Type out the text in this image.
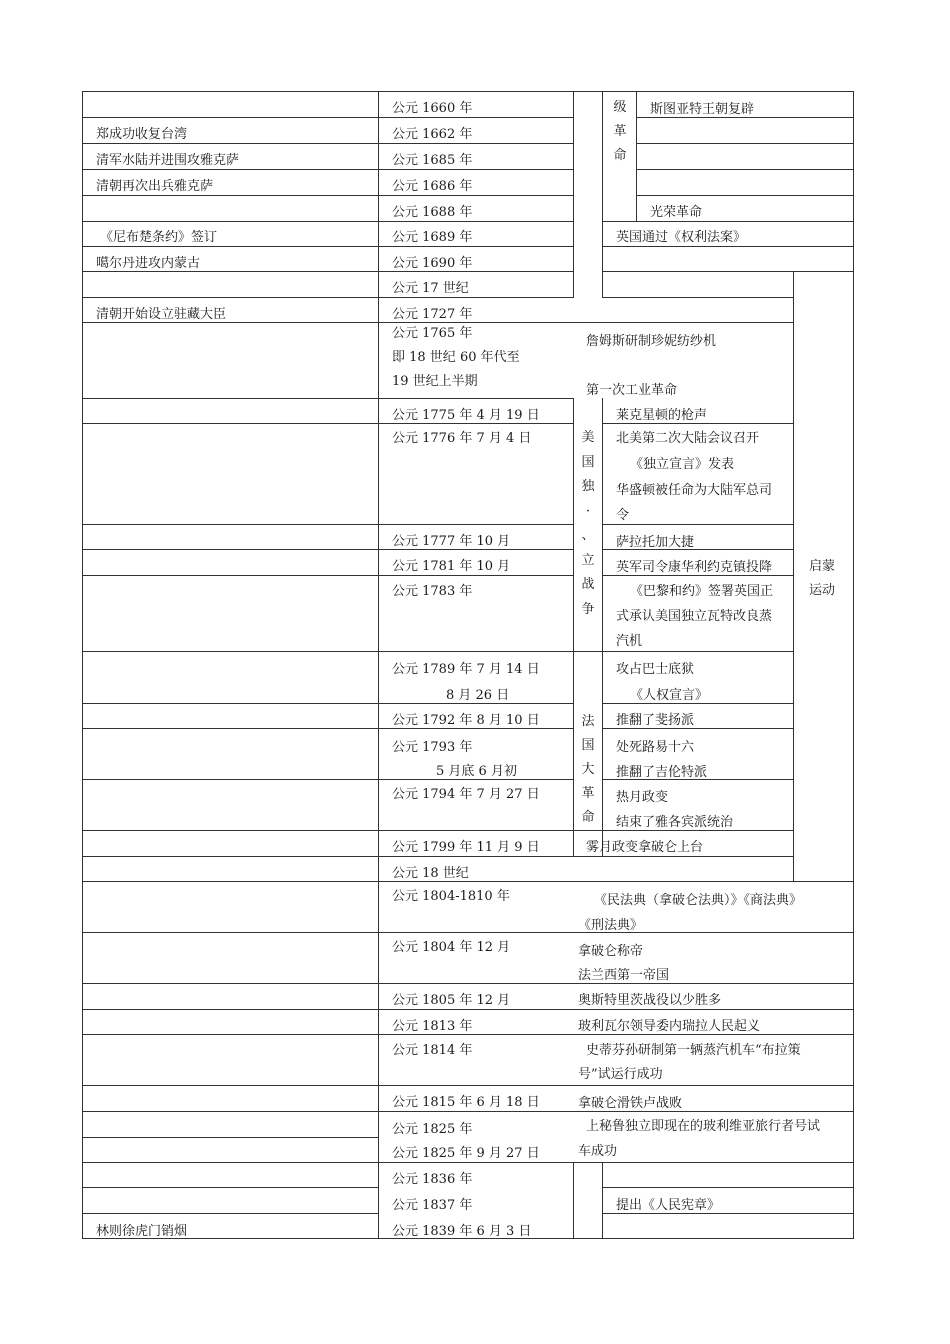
郑成功收复台湾
清军水陆并进围攻雅克萨
清朝再次出兵雅克萨
《尼布楚条约》签订
噶尔丹进攻内蒙古
清朝开始设立驻藏大臣
林则徐虎门销烟
公元 1660 年
公元 1662 年
公元 1685 年
公元 1686 年
公元 1688 年
公元 1689 年
公元 1690 年
公元 17 世纪
公元 1727 年
公元 1765 年
即 18 世纪 60 年代至
19 世纪上半期
公元 1775 年 4 月 19 日
公元 1776 年 7 月 4 日
公元 1777 年 10 月
公元 1781 年 10 月
公元 1783 年
公元 1789 年 7 月 14 日
8 月 26 日
公元 1792 年 8 月 10 日
公元 1793 年
5 月底 6 月初
公元 1794 年 7 月 27 日
公元 1799 年 11 月 9 日
公元 18 世纪
公元 1804-1810 年
公元 1804 年 12 月
公元 1805 年 12 月
公元 1813 年
公元 1814 年
公元 1815 年 6 月 18 日
公元 1825 年
公元 1825 年 9 月 27 日
公元 1836 年
公元 1837 年
公元 1839 年 6 月 3 日
级
革
命
美
国
独
·
、
立
战
争
法
国
大
革
命
启蒙
运动
斯图亚特王朝复辟
光荣革命
英国通过《权利法案》
詹姆斯研制珍妮纺纱机
第一次工业革命
莱克星顿的枪声
北美第二次大陆会议召开
《独立宣言》发表
华盛顿被任命为大陆军总司
令
萨拉托加大捷
英军司令康华利约克镇投降
《巴黎和约》签署英国正
式承认美国独立瓦特改良蒸
汽机
攻占巴士底狱
《人权宣言》
推翻了斐扬派
处死路易十六
推翻了吉伦特派
热月政变
结束了雅各宾派统治
雾月政变拿破仑上台
《民法典（拿破仑法典）》《商法典》
《刑法典》
拿破仑称帝
法兰西第一帝国
奥斯特里茨战役以少胜多
玻利瓦尔领导委内瑞拉人民起义
史蒂芬孙研制第一辆蒸汽机车“布拉策
号”试运行成功
拿破仑滑铁卢战败
上秘鲁独立即现在的玻利维亚旅行者号试
车成功
提出《人民宪章》
